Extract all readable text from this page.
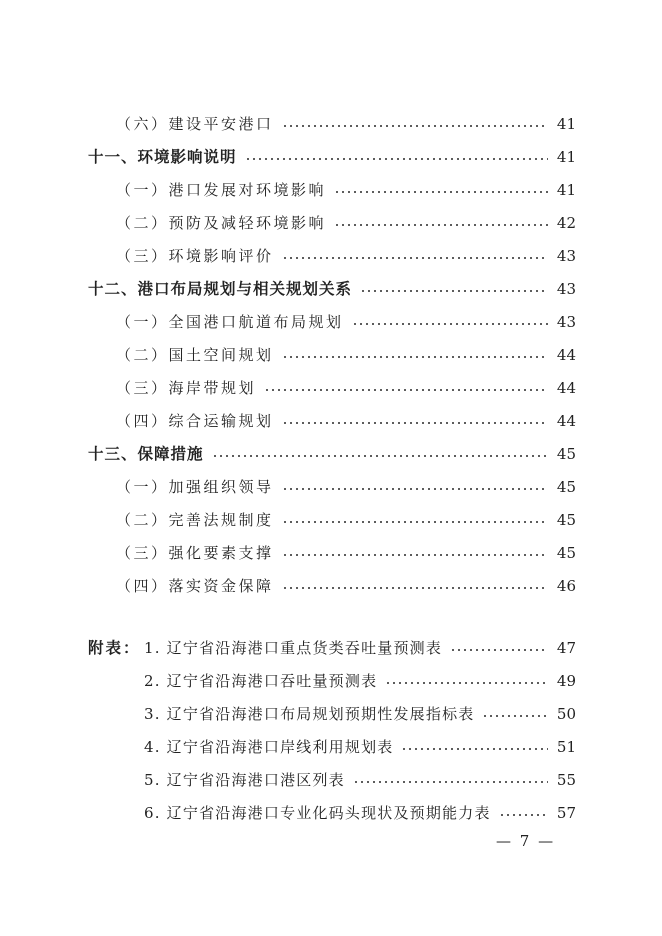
（六）建设平安港口	41
十一、环境影响说明	41
（一）港口发展对环境影响	41
（二）预防及减轻环境影响	42
（三）环境影响评价	43
十二、港口布局规划与相关规划关系	43
（一）全国港口航道布局规划	43
（二）国土空间规划	44
（三）海岸带规划	44
（四）综合运输规划	44
十三、保障措施	45
（一）加强组织领导	45
（二）完善法规制度	45
（三）强化要素支撑	45
（四）落实资金保障	46
附表： 1. 辽宁省沿海港口重点货类吞吐量预测表	47
2. 辽宁省沿海港口吞吐量预测表	49
3. 辽宁省沿海港口布局规划预期性发展指标表	50
4. 辽宁省沿海港口岸线利用规划表	51
5. 辽宁省沿海港口港区列表	55
6. 辽宁省沿海港口专业化码头现状及预期能力表	57
— 7 —
